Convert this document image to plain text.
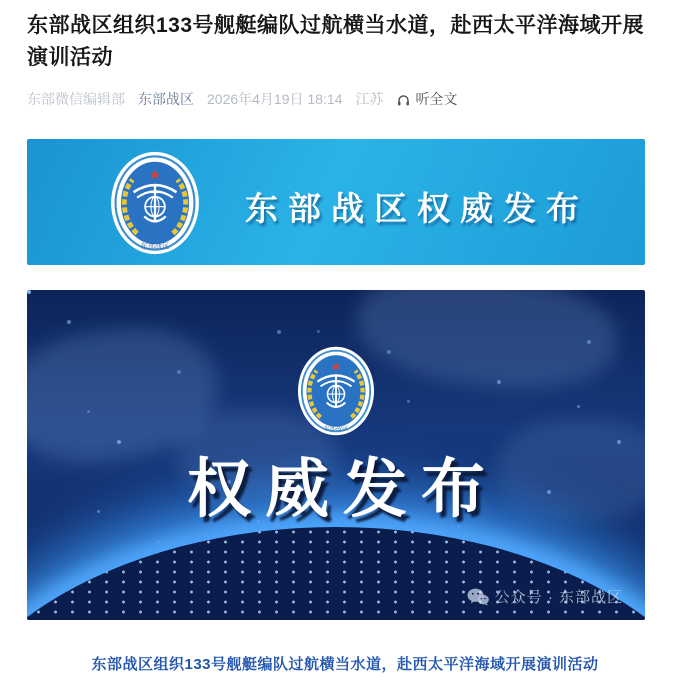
东部战区组织133号舰艇编队过航横当水道，赴西太平洋海域开展演训活动
东部微信编辑部 东部战区 2026年4月19日 18:14 江苏 听全文
东部战区
东部战区权威发布
东部战区
权威发布
公众号 · 东部战区
东部战区组织133号舰艇编队过航横当水道，赴西太平洋海域开展演训活动
